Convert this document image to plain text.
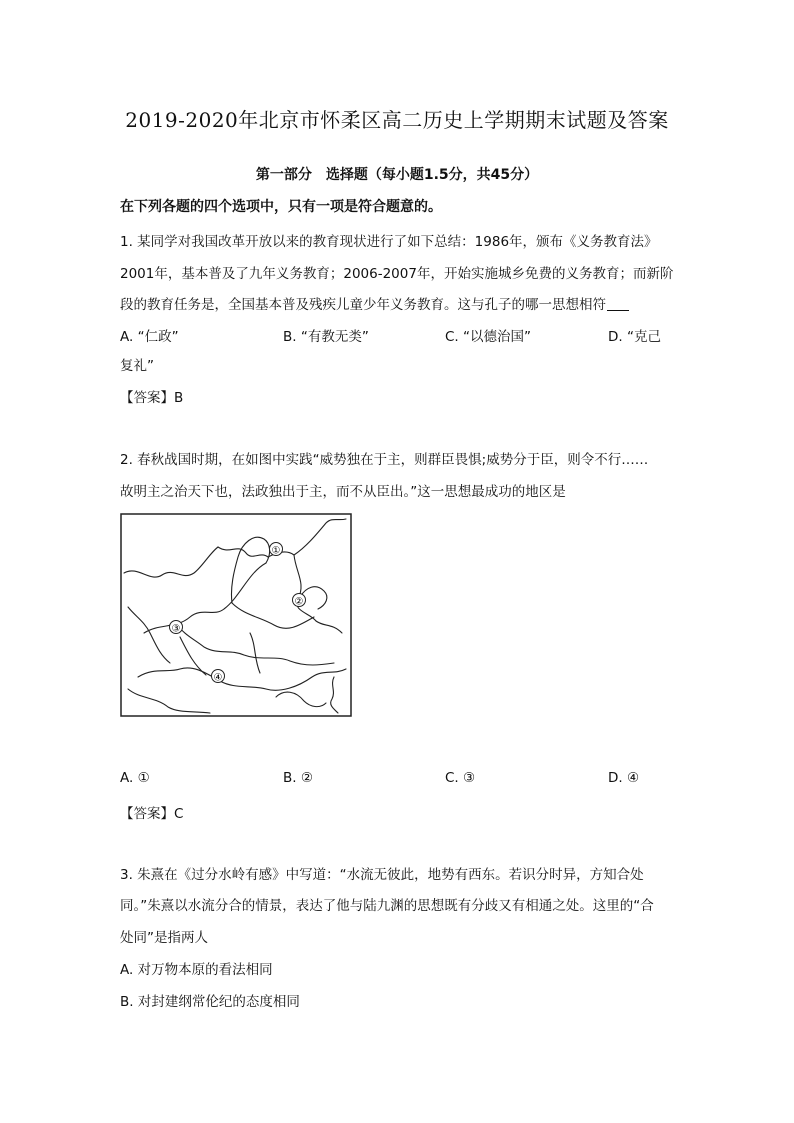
2019-2020年北京市怀柔区高二历史上学期期末试题及答案
第一部分　选择题（每小题1.5分，共45分）
在下列各题的四个选项中，只有一项是符合题意的。
1. 某同学对我国改革开放以来的教育现状进行了如下总结：1986年，颁布《义务教育法》
2001年，基本普及了九年义务教育；2006-2007年，开始实施城乡免费的义务教育；而新阶
段的教育任务是，全国基本普及残疾儿童少年义务教育。这与孔子的哪一思想相符
A. “仁政”	B. “有教无类”	C. “以德治国”	D. “克己
复礼”
【答案】B
2. 春秋战国时期，在如图中实践“威势独在于主，则群臣畏惧;威势分于臣，则令不行……
故明主之治天下也，法政独出于主，而不从臣出。”这一思想最成功的地区是
①
②
③
④
A. ①	B. ②	C. ③	D. ④
【答案】C
3. 朱熹在《过分水岭有感》中写道：“水流无彼此，地势有西东。若识分时异，方知合处
同。”朱熹以水流分合的情景，表达了他与陆九渊的思想既有分歧又有相通之处。这里的“合
处同”是指两人
A. 对万物本原的看法相同
B. 对封建纲常伦纪的态度相同
